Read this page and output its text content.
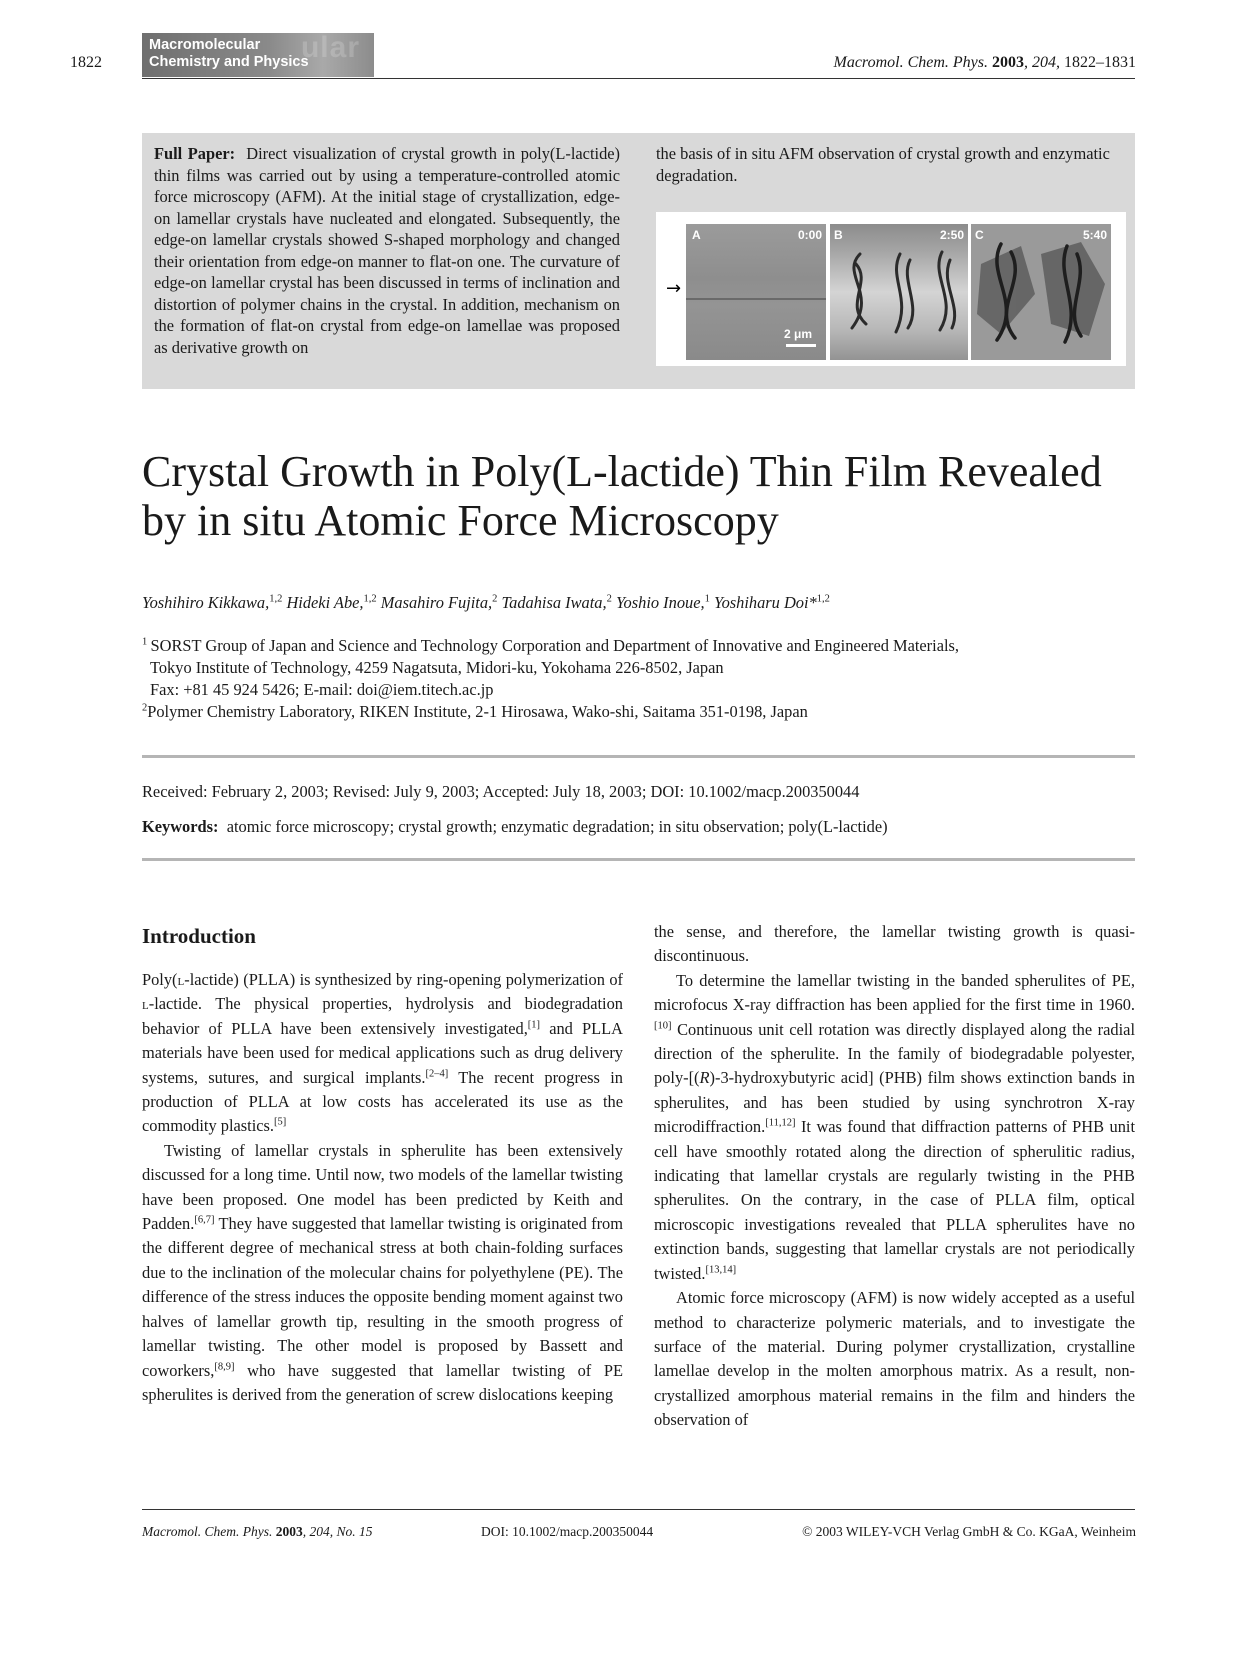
1822	ular
Macromolecular
Chemistry and Physics	Macromol. Chem. Phys. 2003, 204, 1822–1831
Full Paper: Direct visualization of crystal growth in poly(L-lactide) thin films was carried out by using a temperature-controlled atomic force microscopy (AFM). At the initial stage of crystallization, edge-on lamellar crystals have nucleated and elongated. Subsequently, the edge-on lamellar crystals showed S-shaped morphology and changed their orientation from edge-on manner to flat-on one. The curvature of edge-on lamellar crystal has been discussed in terms of inclination and distortion of polymer chains in the crystal. In addition, mechanism on the formation of flat-on crystal from edge-on lamellae was proposed as derivative growth on
the basis of in situ AFM observation of crystal growth and enzymatic degradation.
→
A	0:00
2 μm
B	2:50 C	5:40
Crystal Growth in Poly(L-lactide) Thin Film Revealed
by in situ Atomic Force Microscopy
Yoshihiro Kikkawa,$^{1,2}$ Hideki Abe,$^{1,2}$ Masahiro Fujita,$^2$ Tadahisa Iwata,$^2$ Yoshio Inoue,$^1$ Yoshiharu Doi*$^{1,2}$
$^1$  SORST Group of Japan and Science and Technology Corporation and Department of Innovative and Engineered Materials,
Tokyo Institute of Technology, 4259 Nagatsuta, Midori-ku, Yokohama 226-8502, Japan
Fax: +81 45 924 5426; E-mail: doi@iem.titech.ac.jp
$^2$Polymer Chemistry Laboratory, RIKEN Institute, 2-1 Hirosawa, Wako-shi, Saitama 351-0198, Japan
Received: February 2, 2003; Revised: July 9, 2003; Accepted: July 18, 2003; DOI: 10.1002/macp.200350044
Keywords: atomic force microscopy; crystal growth; enzymatic degradation; in situ observation; poly(L-lactide)
Introduction

Poly(l-lactide) (PLLA) is synthesized by ring-opening polymerization of l-lactide. The physical properties, hydrolysis and biodegradation behavior of PLLA have been extensively investigated,[1] and PLLA materials have been used for medical applications such as drug delivery systems, sutures, and surgical implants.[2–4] The recent progress in production of PLLA at low costs has accelerated its use as the commodity plastics.[5]

Twisting of lamellar crystals in spherulite has been extensively discussed for a long time. Until now, two models of the lamellar twisting have been proposed. One model has been predicted by Keith and Padden.[6,7] They have suggested that lamellar twisting is originated from the different degree of mechanical stress at both chain-folding surfaces due to the inclination of the molecular chains for polyethylene (PE). The difference of the stress induces the opposite bending moment against two halves of lamellar growth tip, resulting in the smooth progress of lamellar twisting. The other model is proposed by Bassett and coworkers,[8,9] who have suggested that lamellar twisting of PE spherulites is derived from the generation of screw dislocations keeping

the sense, and therefore, the lamellar twisting growth is quasi-discontinuous.

To determine the lamellar twisting in the banded spherulites of PE, microfocus X-ray diffraction has been applied for the first time in 1960.[10] Continuous unit cell rotation was directly displayed along the radial direction of the spherulite. In the family of biodegradable polyester, poly-[(R)-3-hydroxybutyric acid] (PHB) film shows extinction bands in spherulites, and has been studied by using synchrotron X-ray microdiffraction.[11,12] It was found that diffraction patterns of PHB unit cell have smoothly rotated along the direction of spherulitic radius, indicating that lamellar crystals are regularly twisting in the PHB spherulites. On the contrary, in the case of PLLA film, optical microscopic investigations revealed that PLLA spherulites have no extinction bands, suggesting that lamellar crystals are not periodically twisted.[13,14]

Atomic force microscopy (AFM) is now widely accepted as a useful method to characterize polymeric materials, and to investigate the surface of the material. During polymer crystallization, crystalline lamellae develop in the molten amorphous matrix. As a result, non-crystallized amorphous material remains in the film and hinders the observation of

Macromol. Chem. Phys. 2003, 204, No. 15	DOI: 10.1002/macp.200350044	© 2003 WILEY-VCH Verlag GmbH & Co. KGaA, Weinheim
